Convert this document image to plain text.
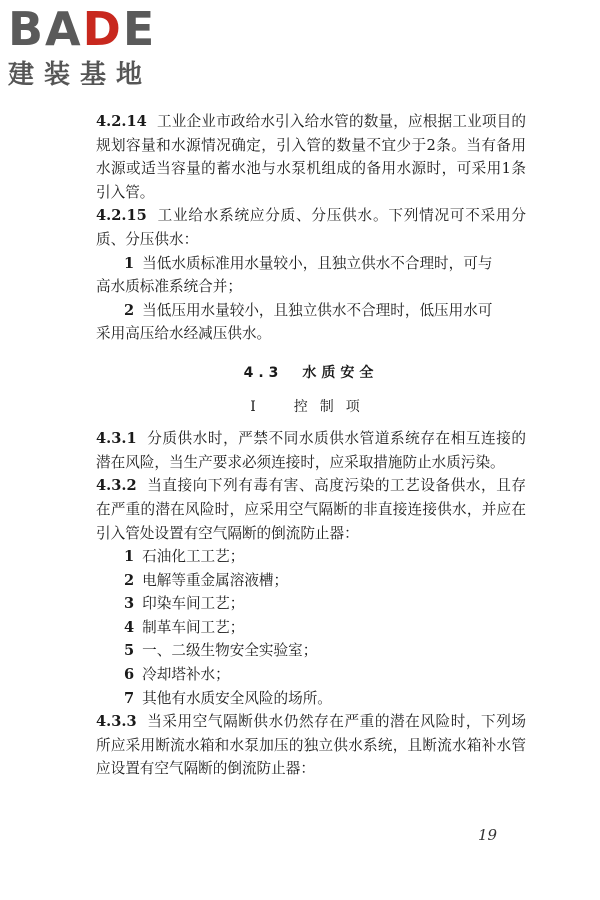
BADE
建装基地

4.2.14 工业企业市政给水引入给水管的数量，应根据工业项目的规划容量和水源情况确定，引入管的数量不宜少于2条。当有备用水源或适当容量的蓄水池与水泵机组成的备用水源时，可采用1条引入管。

4.2.15 工业给水系统应分质、分压供水。下列情况可不采用分质、分压供水：

1 当低水质标准用水量较小，且独立供水不合理时，可与

高水质标准系统合并；

2 当低压用水量较小，且独立供水不合理时，低压用水可

采用高压给水经减压供水。

4.3　水质安全

Ⅰ　控制项

4.3.1 分质供水时，严禁不同水质供水管道系统存在相互连接的潜在风险，当生产要求必须连接时，应采取措施防止水质污染。

4.3.2 当直接向下列有毒有害、高度污染的工艺设备供水，且存在严重的潜在风险时，应采用空气隔断的非直接连接供水，并应在引入管处设置有空气隔断的倒流防止器：

1 石油化工工艺；

2 电解等重金属溶液槽；

3 印染车间工艺；

4 制革车间工艺；

5 一、二级生物安全实验室；

6 冷却塔补水；

7 其他有水质安全风险的场所。

4.3.3 当采用空气隔断供水仍然存在严重的潜在风险时，下列场所应采用断流水箱和水泵加压的独立供水系统，且断流水箱补水管应设置有空气隔断的倒流防止器：

19
